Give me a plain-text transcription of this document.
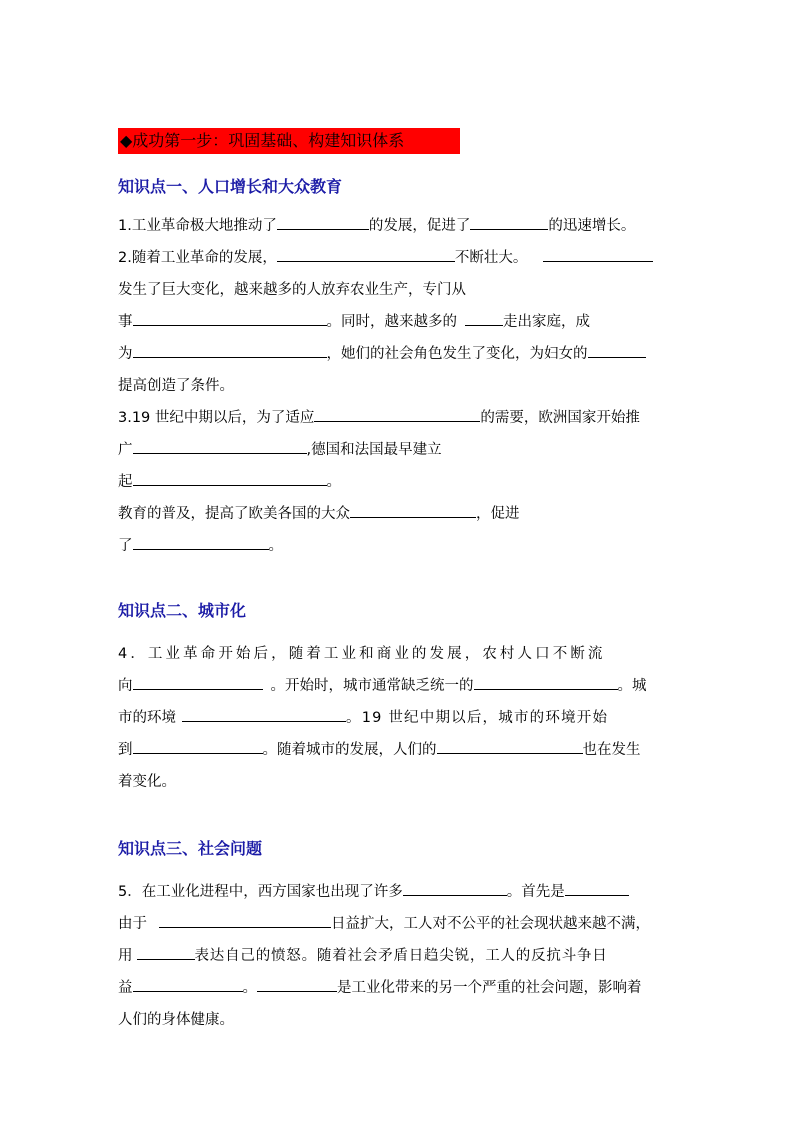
◆成功第一步：巩固基础、构建知识体系
知识点一、人口增长和大众教育
1.工业革命极大地推动了	的发展，促进了	的迅速增长。
2.随着工业革命的发展，	不断壮大。
发生了巨大变化，越来越多的人放弃农业生产，专门从
事	。同时，越来越多的	走出家庭，成
为	，她们的社会角色发生了变化，为妇女的
提高创造了条件。
3.19 世纪中期以后，为了适应	的需要，欧洲国家开始推
广	,德国和法国最早建立
起	。
教育的普及，提高了欧美各国的大众	，促进
了	。
知识点二、城市化
4．工业革命开始后，随着工业和商业的发展，农村人口不断流
向	。开始时，城市通常缺乏统一的	。城
市的环境	。19 世纪中期以后，城市的环境开始
到	。随着城市的发展，人们的	也在发生
着变化。
知识点三、社会问题
5．在工业化进程中，西方国家也出现了许多	。首先是
由于	日益扩大，工人对不公平的社会现状越来越不满，
用	表达自己的愤怒。随着社会矛盾日趋尖锐，工人的反抗斗争日
益	。	是工业化带来的另一个严重的社会问题，影响着
人们的身体健康。
